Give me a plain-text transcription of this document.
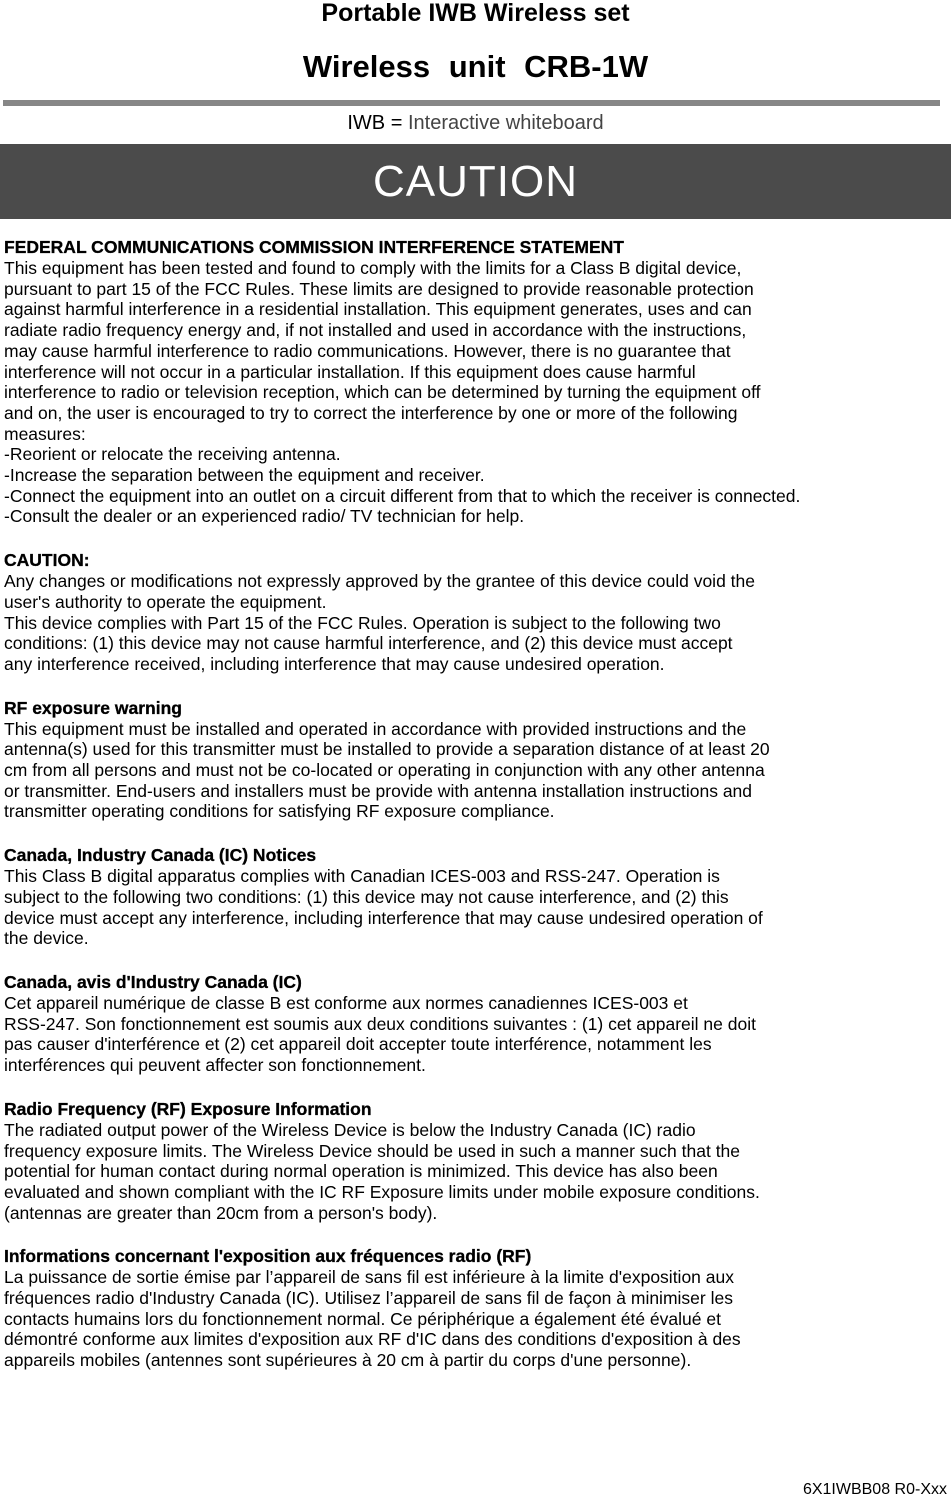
Portable IWB Wireless set
Wireless unit CRB-1W
IWB = Interactive whiteboard
CAUTION
FEDERAL COMMUNICATIONS COMMISSION INTERFERENCE STATEMENT

This equipment has been tested and found to comply with the limits for a Class B digital device,
pursuant to part 15 of the FCC Rules. These limits are designed to provide reasonable protection
against harmful interference in a residential installation. This equipment generates, uses and can
radiate radio frequency energy and, if not installed and used in accordance with the instructions,
may cause harmful interference to radio communications. However, there is no guarantee that
interference will not occur in a particular installation. If this equipment does cause harmful
interference to radio or television reception, which can be determined by turning the equipment off
and on, the user is encouraged to try to correct the interference by one or more of the following
measures:
-Reorient or relocate the receiving antenna.
-Increase the separation between the equipment and receiver.
-Connect the equipment into an outlet on a circuit different from that to which the receiver is connected.
-Consult the dealer or an experienced radio/ TV technician for help.

CAUTION:

Any changes or modifications not expressly approved by the grantee of this device could void the
user's authority to operate the equipment.
This device complies with Part 15 of the FCC Rules. Operation is subject to the following two
conditions: (1) this device may not cause harmful interference, and (2) this device must accept
any interference received, including interference that may cause undesired operation.

RF exposure warning

This equipment must be installed and operated in accordance with provided instructions and the
antenna(s) used for this transmitter must be installed to provide a separation distance of at least 20
cm from all persons and must not be co-located or operating in conjunction with any other antenna
or transmitter. End-users and installers must be provide with antenna installation instructions and
transmitter operating conditions for satisfying RF exposure compliance.

Canada, Industry Canada (IC) Notices

This Class B digital apparatus complies with Canadian ICES-003 and RSS-247. Operation is
subject to the following two conditions: (1) this device may not cause interference, and (2) this
device must accept any interference, including interference that may cause undesired operation of
the device.

Canada, avis d'Industry Canada (IC)

Cet appareil numérique de classe B est conforme aux normes canadiennes ICES-003 et
RSS-247. Son fonctionnement est soumis aux deux conditions suivantes : (1) cet appareil ne doit
pas causer d'interférence et (2) cet appareil doit accepter toute interférence, notamment les
interférences qui peuvent affecter son fonctionnement.

Radio Frequency (RF) Exposure Information

The radiated output power of the Wireless Device is below the Industry Canada (IC) radio
frequency exposure limits. The Wireless Device should be used in such a manner such that the
potential for human contact during normal operation is minimized. This device has also been
evaluated and shown compliant with the IC RF Exposure limits under mobile exposure conditions.
(antennas are greater than 20cm from a person's body).

Informations concernant l'exposition aux fréquences radio (RF)

La puissance de sortie émise par l’appareil de sans fil est inférieure à la limite d'exposition aux
fréquences radio d'Industry Canada (IC). Utilisez l’appareil de sans fil de façon à minimiser les
contacts humains lors du fonctionnement normal. Ce périphérique a également été évalué et
démontré conforme aux limites d'exposition aux RF d'IC dans des conditions d'exposition à des
appareils mobiles (antennes sont supérieures à 20 cm à partir du corps d'une personne).

6X1IWBB08 R0-Xxx
